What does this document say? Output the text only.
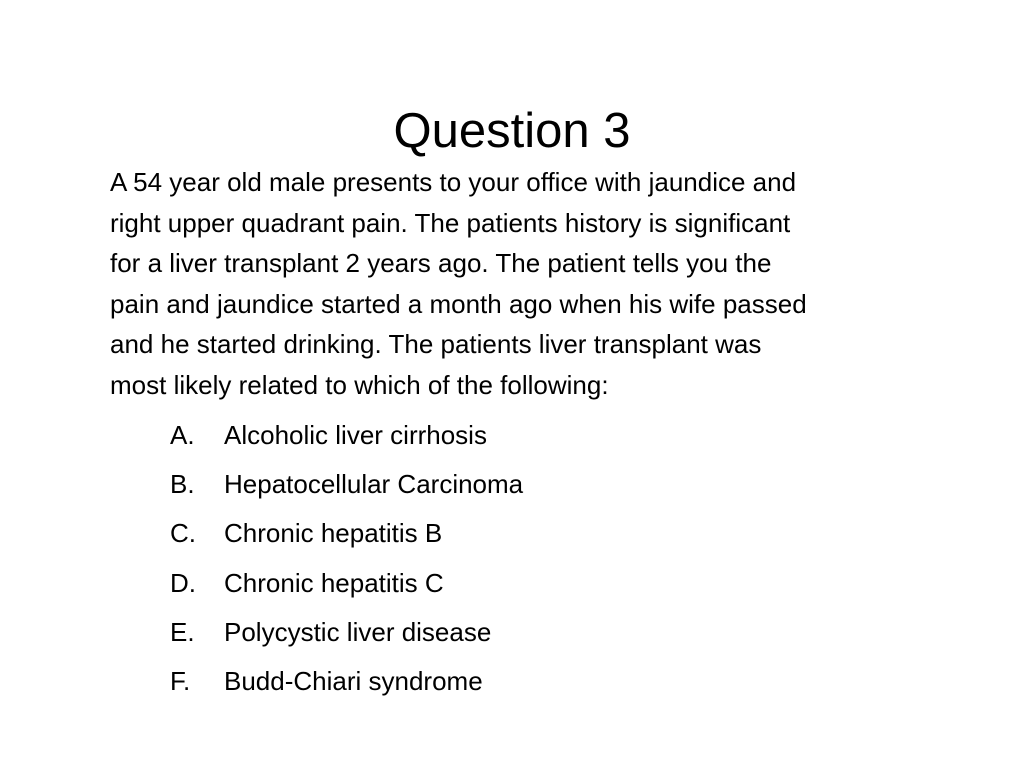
Question 3

A 54 year old male presents to your office with jaundice and
right upper quadrant pain. The patients history is significant
for a liver transplant 2 years ago. The patient tells you the
pain and jaundice started a month ago when his wife passed
and he started drinking. The patients liver transplant was
most likely related to which of the following:

A. Alcoholic liver cirrhosis
B. Hepatocellular Carcinoma
C. Chronic hepatitis B
D. Chronic hepatitis C
E. Polycystic liver disease
F. Budd-Chiari syndrome
